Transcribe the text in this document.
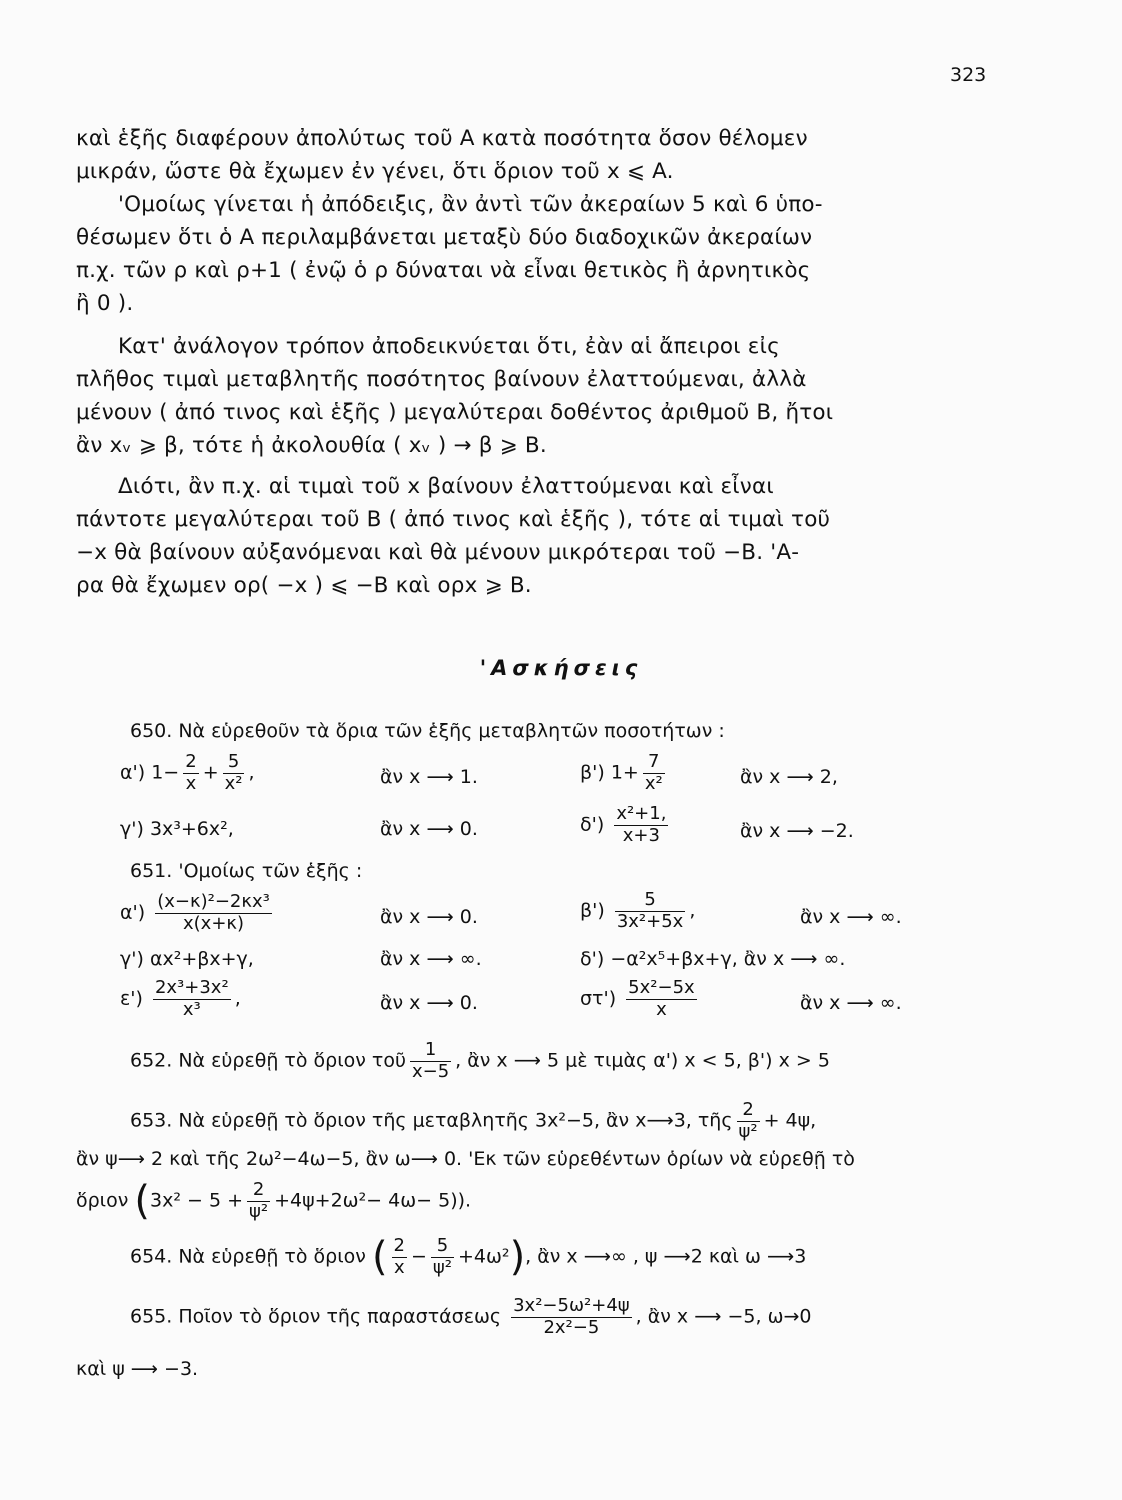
323
καὶ ἑξῆς διαφέρουν ἀπολύτως τοῦ Α κατὰ ποσότητα ὅσον θέλομεν
μικράν, ὥστε θὰ ἔχωμεν ἐν γένει, ὅτι ὅριον τοῦ x ⩽ A.
'Ομοίως γίνεται ἡ ἀπόδειξις, ἂν ἀντὶ τῶν ἀκεραίων 5 καὶ 6 ὑπο-
θέσωμεν ὅτι ὁ Α περιλαμβάνεται μεταξὺ δύο διαδοχικῶν ἀκεραίων
π.χ. τῶν ρ καὶ ρ+1 ( ἐνῷ ὁ ρ δύναται νὰ εἶναι θετικὸς ἢ ἀρνητικὸς
ἢ 0 ).
Κατ' ἀνάλογον τρόπον ἀποδεικνύεται ὅτι, ἐὰν αἱ ἄπειροι εἰς
πλῆθος τιμαὶ μεταβλητῆς ποσότητος βαίνουν ἐλαττούμεναι, ἀλλὰ
μένουν ( ἀπό τινος καὶ ἑξῆς ) μεγαλύτεραι δοθέντος ἀριθμοῦ Β, ἤτοι
ἂν xᵥ ⩾ β, τότε ἡ ἀκολουθία ( xᵥ ) → β ⩾ Β.
Διότι, ἂν π.χ. αἱ τιμαὶ τοῦ x βαίνουν ἐλαττούμεναι καὶ εἶναι
πάντοτε μεγαλύτεραι τοῦ Β ( ἀπό τινος καὶ ἑξῆς ), τότε αἱ τιμαὶ τοῦ
−x θὰ βαίνουν αὐξανόμεναι καὶ θὰ μένουν μικρότεραι τοῦ −Β. 'Α-
ρα θὰ ἔχωμεν ορ( −x ) ⩽ −Β καὶ ορx ⩾ Β.
'Ασκήσεις
650. Νὰ εὑρεθοῦν τὰ ὅρια τῶν ἑξῆς μεταβλητῶν ποσοτήτων :
α') $1- \frac{2}{x} + \frac{5}{\text{x²}}$ ,	ἂν x ⟶ 1.	β') $1+ \frac{7}{\text{x²}}$	ἂν x ⟶ 2,
γ') 3x³+6x²,	ἂν x ⟶ 0.	$\delta') \frac{\text{x²+1,}}{x+3}$	ἂν x ⟶ −2.
651. 'Ομοίως τῶν ἑξῆς :
$\alpha') \frac{\text{(x−κ)²−2κx³}}{x(x+\kappa)}$	ἂν x ⟶ 0.	$\beta') \frac{5}{\text{3x²+5x}}$ ,	ἂν x ⟶ ∞.
γ') αx²+βx+γ,	ἂν x ⟶ ∞.	δ') −α²x⁵+βx+γ, ἂν x ⟶ ∞.
$\varepsilon') \frac{\text{2x³+3x²}}{\text{x³}}$ ,	ἂν x ⟶ 0.	$\sigma\tau') \frac{\text{5x²−5x}}{x}$	ἂν x ⟶ ∞.
652. Νὰ εὑρεθῇ τὸ ὅριον τοῦ $\frac{1}{x-5}$ , ἂν x ⟶ 5 μὲ τιμὰς α') x < 5, β') x > 5
653. Νὰ εὑρεθῇ τὸ ὅριον τῆς μεταβλητῆς 3x²−5, ἂν x⟶3, τῆς $\frac{2}{\text{ψ²}} + 4\psi$,
ἂν ψ⟶ 2 καὶ τῆς 2ω²−4ω−5, ἂν ω⟶ 0. 'Εκ τῶν εὑρεθέντων ὁρίων νὰ εὑρεθῇ τὸ
ὅριον $(3x^2 - 5 + \frac{2}{\text{ψ²}} +4\psi+2\omega^2- 4\omega- 5)$).
654. Νὰ εὑρεθῇ τὸ ὅριον ( $\frac{2}{x} - \frac{5}{\text{ψ²}} +4\omega^2$), ἂν x ⟶∞ , ψ ⟶2 καὶ ω ⟶3
655. Ποῖον τὸ ὅριον τῆς παραστάσεως $\frac{\text{3x²−5ω²+4ψ}}{\text{2x²−5}}$ , ἂν x ⟶ −5, ω→0
καὶ ψ ⟶ −3.
